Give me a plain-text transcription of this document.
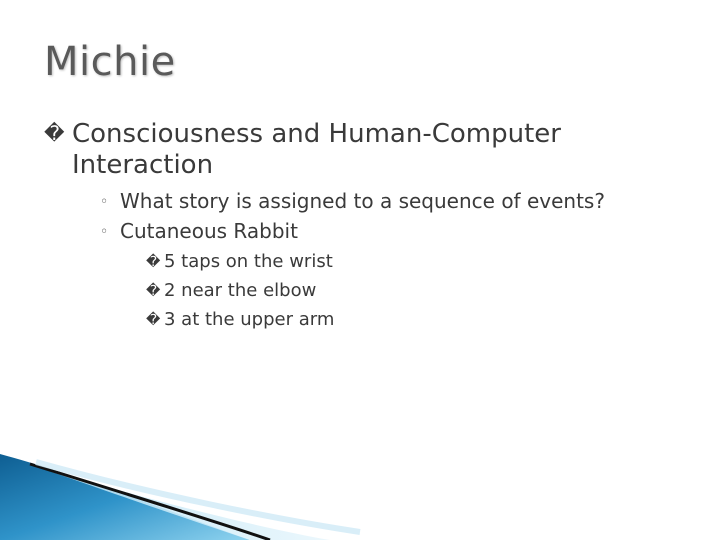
Michie
� Consciousness and Human-Computer
Interaction
◦ What story is assigned to a sequence of events?
◦ Cutaneous Rabbit
� 5 taps on the wrist
� 2 near the elbow
� 3 at the upper arm
